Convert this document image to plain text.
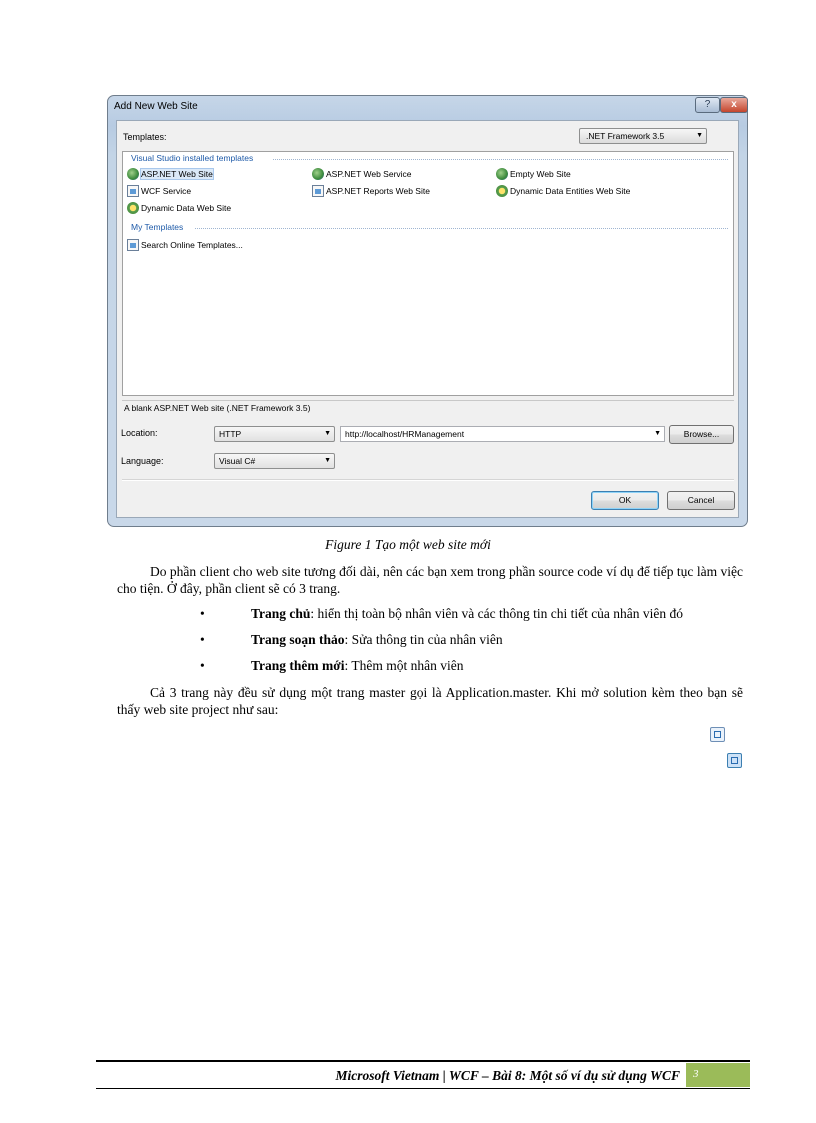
Add New Web Site	?	x
Templates:	.NET Framework 3.5	▼
Visual Studio installed templates
ASP.NET Web Site	ASP.NET Web Service	Empty Web Site
WCF Service	ASP.NET Reports Web Site	Dynamic Data Entities Web Site
Dynamic Data Web Site
My Templates
Search Online Templates...
A blank ASP.NET Web site (.NET Framework 3.5)
Location:	HTTP	▼	http://localhost/HRManagement	▼	Browse...
Language:	Visual C#	▼
OK	Cancel
Figure 1 Tạo một web site mới
Do phần client cho web site tương đối dài, nên các bạn xem trong phần source code ví dụ để tiếp tục làm việc cho tiện. Ở đây, phần client sẽ có 3 trang.
•	Trang chủ: hiển thị toàn bộ nhân viên và các thông tin chi tiết của nhân viên đó
•	Trang soạn thảo: Sửa thông tin của nhân viên
•	Trang thêm mới: Thêm một nhân viên
Cả 3 trang này đều sử dụng một trang master gọi là Application.master. Khi mở solution kèm theo bạn sẽ thấy web site project như sau:
Microsoft Vietnam | WCF – Bài 8: Một số ví dụ sử dụng WCF	3
